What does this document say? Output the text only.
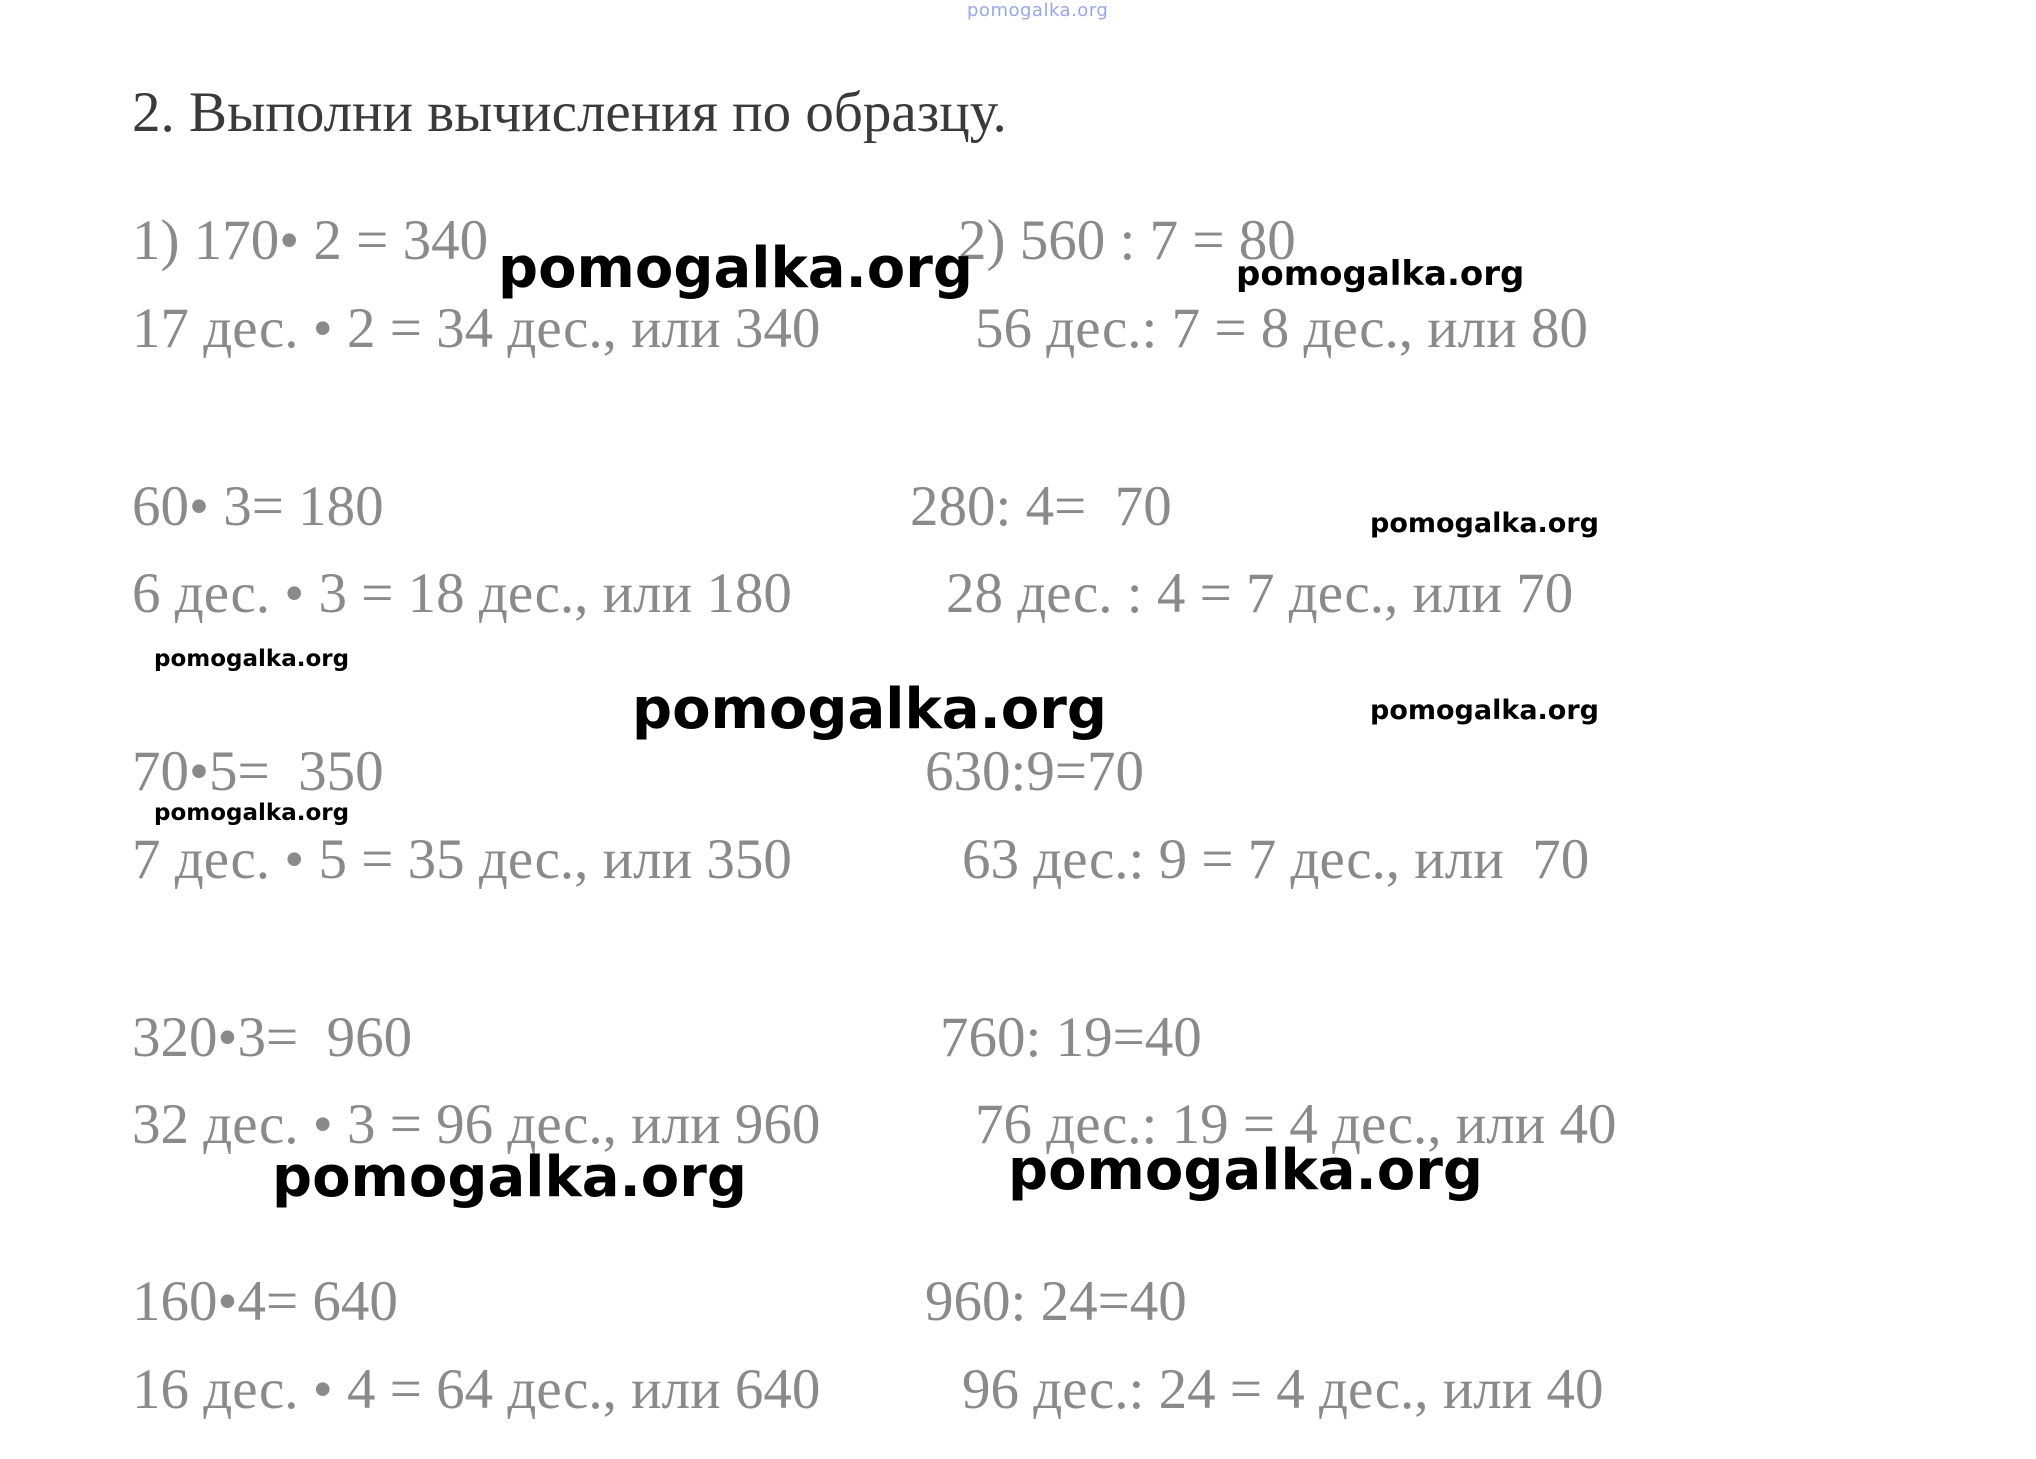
pomogalka.org
2. Выполни вычисления по образцу.
1) 170• 2 = 340
17 дес. • 2 = 34 дес., или 340
2) 560 : 7 = 80
56 дес.: 7 = 8 дес., или 80
60• 3= 180
6 дес. • 3 = 18 дес., или 180
280: 4=  70
28 дес. : 4 = 7 дес., или 70
70•5=  350
7 дес. • 5 = 35 дес., или 350
630:9=70
63 дес.: 9 = 7 дес., или  70
320•3=  960
32 дес. • 3 = 96 дес., или 960
760: 19=40
76 дес.: 19 = 4 дес., или 40
160•4= 640
16 дес. • 4 = 64 дес., или 640
960: 24=40
96 дес.: 24 = 4 дес., или 40
pomogalka.org	pomogalka.org
pomogalka.org
pomogalka.org
pomogalka.org	pomogalka.org
pomogalka.org
pomogalka.org	pomogalka.org
